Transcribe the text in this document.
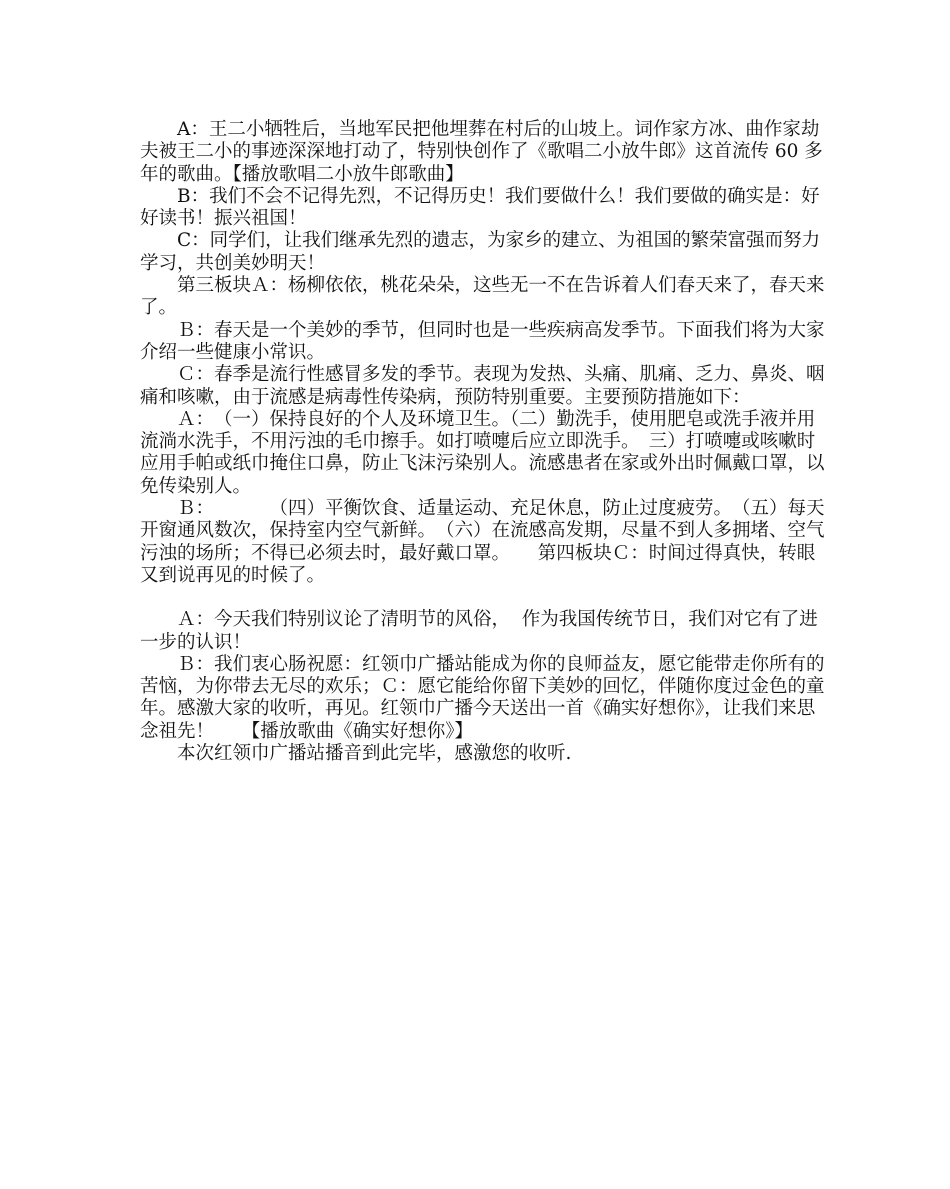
A：王二小牺牲后，当地军民把他埋葬在村后的山坡上。词作家方冰、曲作家劫夫被王二小的事迹深深地打动了，特别快创作了《歌唱二小放牛郎》这首流传 60 多年的歌曲。【播放歌唱二小放牛郎歌曲】

B：我们不会不记得先烈，不记得历史！我们要做什么！我们要做的确实是：好好读书！振兴祖国！

C：同学们，让我们继承先烈的遗志，为家乡的建立、为祖国的繁荣富强而努力学习，共创美妙明天！

第三板块Ａ：杨柳依依，桃花朵朵，这些无一不在告诉着人们春天来了，春天来了。

Ｂ：春天是一个美妙的季节，但同时也是一些疾病高发季节。下面我们将为大家介绍一些健康小常识。

Ｃ：春季是流行性感冒多发的季节。表现为发热、头痛、肌痛、乏力、鼻炎、咽痛和咳嗽，由于流感是病毒性传染病，预防特别重要。主要预防措施如下：

Ａ：　（一）保持良好的个人及环境卫生。（二）勤洗手，使用肥皂或洗手液并用流淌水洗手，不用污浊的毛巾擦手。如打喷嚏后应立即洗手。　三）打喷嚏或咳嗽时应用手帕或纸巾掩住口鼻，防止飞沫污染别人。流感患者在家或外出时佩戴口罩，以免传染别人。

Ｂ：　　　　（四）平衡饮食、适量运动、充足休息，防止过度疲劳。　（五）每天开窗通风数次，保持室内空气新鲜。　（六）在流感高发期，尽量不到人多拥堵、空气污浊的场所；不得已必须去时，最好戴口罩。　　第四板块Ｃ：时间过得真快，转眼又到说再见的时候了。

Ａ：今天我们特别议论了清明节的风俗，  作为我国传统节日，我们对它有了进一步的认识！

Ｂ：我们衷心肠祝愿：红领巾广播站能成为你的良师益友，愿它能带走你所有的苦恼，为你带去无尽的欢乐；Ｃ：愿它能给你留下美妙的回忆，伴随你度过金色的童年。感激大家的收听，再见。红领巾广播今天送出一首《确实好想你》，让我们来思念祖先！　　【播放歌曲《确实好想你》】

本次红领巾广播站播音到此完毕，感激您的收听.
